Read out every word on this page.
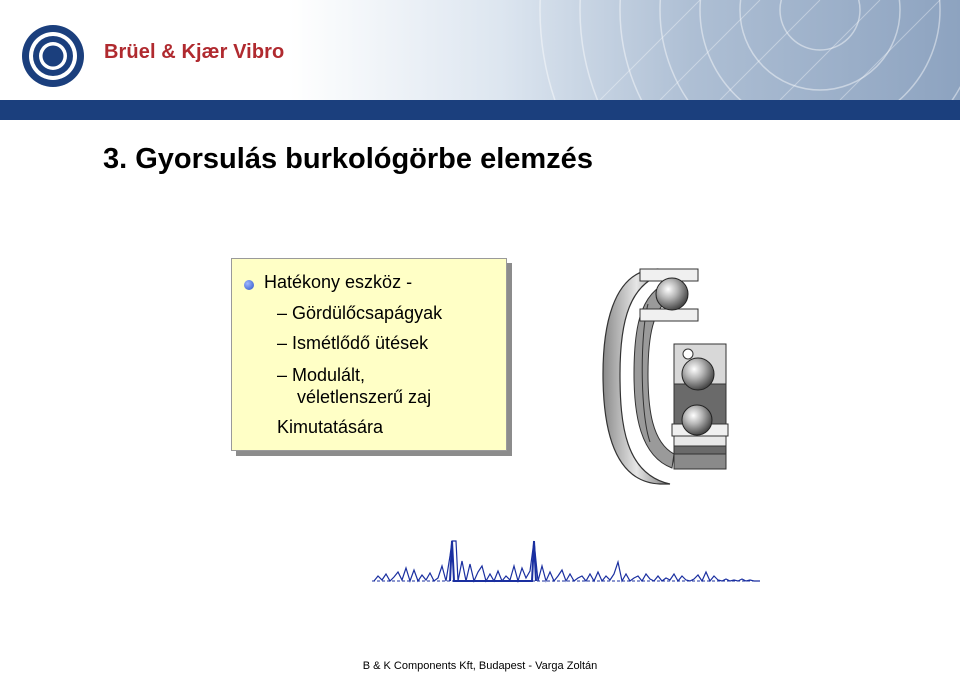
Brüel & Kjær Vibro
3. Gyorsulás burkológörbe elemzés
Hatékony eszköz -
– Gördülőcsapágyak
– Ismétlődő ütések
– Modulált,
véletlenszerű zaj
Kimutatására
B & K Components Kft, Budapest - Varga Zoltán
